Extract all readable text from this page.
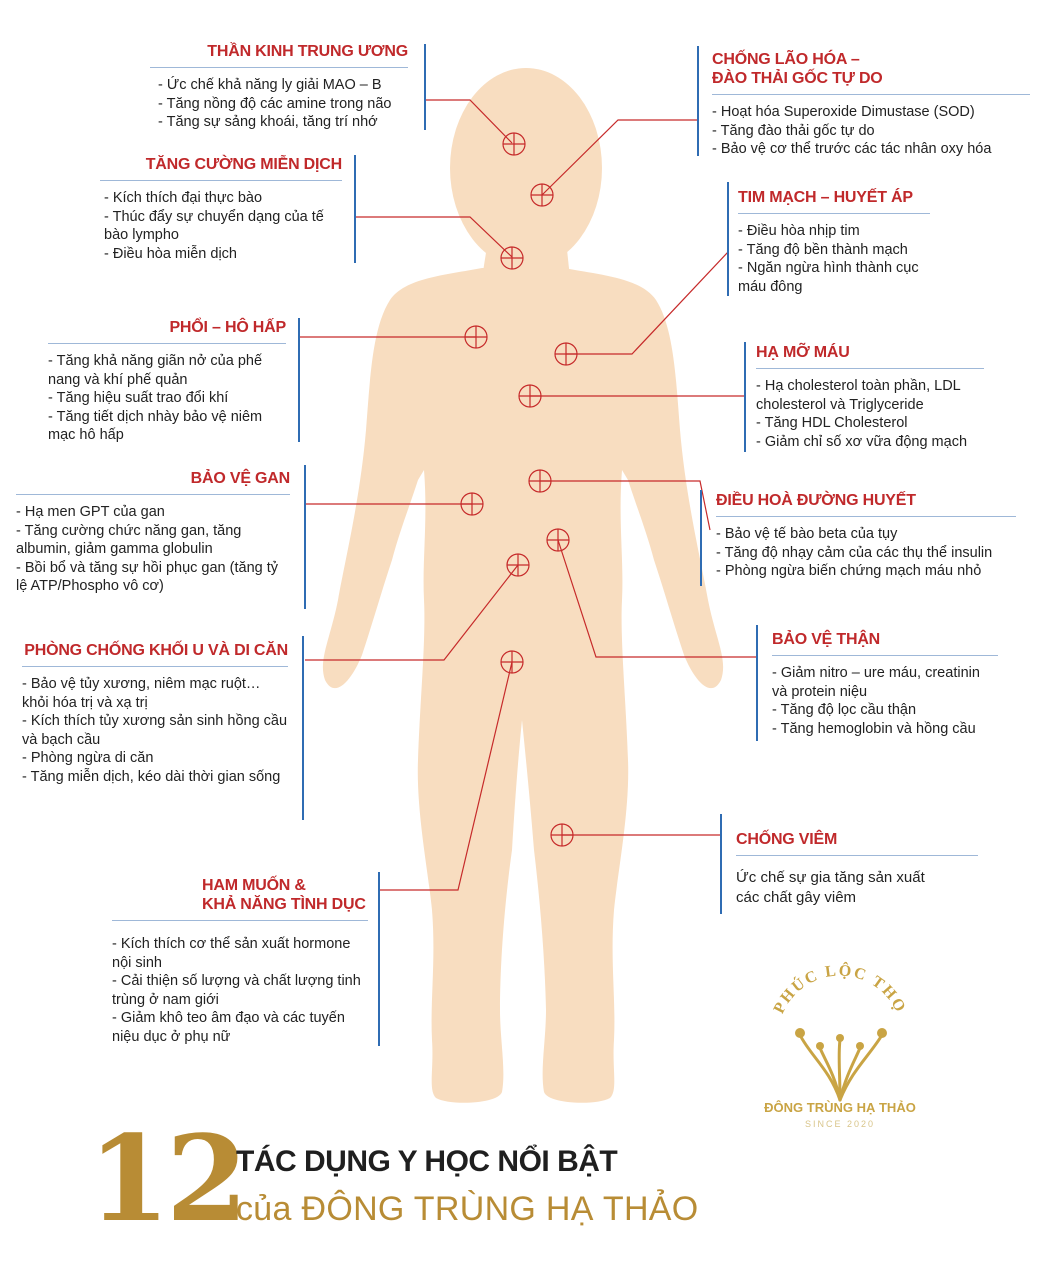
THẦN KINH TRUNG ƯƠNG
- Ức chế khả năng ly giải MAO – B
- Tăng nồng độ các amine trong não
- Tăng sự sảng khoái, tăng trí nhớ
TĂNG CƯỜNG MIỄN DỊCH
- Kích thích đại thực bào
- Thúc đẩy sự chuyển dạng của tế bào lympho
- Điều hòa miễn dịch
PHỔI – HÔ HẤP
- Tăng khả năng giãn nở của phế nang và khí phế quản
- Tăng hiệu suất trao đổi khí
- Tăng tiết dịch nhày bảo vệ niêm mạc hô hấp
BẢO VỆ GAN
- Hạ men GPT của gan
- Tăng cường chức năng gan, tăng albumin, giảm gamma globulin
- Bồi bổ và tăng sự hồi phục gan (tăng tỷ lệ ATP/Phospho vô cơ)
PHÒNG CHỐNG KHỐI U VÀ DI CĂN
- Bảo vệ tủy xương, niêm mạc ruột… khỏi hóa trị và xạ trị
- Kích thích tủy xương sản sinh hồng cầu và bạch cầu
- Phòng ngừa di căn
- Tăng miễn dịch, kéo dài thời gian sống
HAM MUỐN &
KHẢ NĂNG TÌNH DỤC
- Kích thích cơ thể sản xuất hormone nội sinh
- Cải thiện số lượng và chất lượng tinh trùng ở nam giới
- Giảm khô teo âm đạo và các tuyến niệu dục ở phụ nữ
CHỐNG LÃO HÓA –
ĐÀO THẢI GỐC TỰ DO
- Hoạt hóa Superoxide Dimustase (SOD)
- Tăng đào thải gốc tự do
- Bảo vệ cơ thể trước các tác nhân oxy hóa
TIM MẠCH – HUYẾT ÁP
- Điều hòa nhịp tim
- Tăng độ bền thành mạch
- Ngăn ngừa hình thành cục máu đông
HẠ MỠ MÁU
- Hạ cholesterol toàn phần, LDL cholesterol và Triglyceride
- Tăng HDL Cholesterol
- Giảm chỉ số xơ vữa động mạch
ĐIỀU HOÀ ĐƯỜNG HUYẾT
- Bảo vệ tế bào beta của tụy
- Tăng độ nhạy cảm của các thụ thể insulin
- Phòng ngừa biến chứng mạch máu nhỏ
BẢO VỆ THẬN
- Giảm nitro – ure máu, creatinin và protein niệu
- Tăng độ lọc cầu thận
- Tăng hemoglobin và hồng cầu
CHỐNG VIÊM

Ức chế sự gia tăng sản xuất các chất gây viêm

PHÚC LỘC THỌ
ĐÔNG TRÙNG HẠ THẢO
SINCE 2020
12
TÁC DỤNG Y HỌC NỔI BẬT
của ĐÔNG TRÙNG HẠ THẢO
